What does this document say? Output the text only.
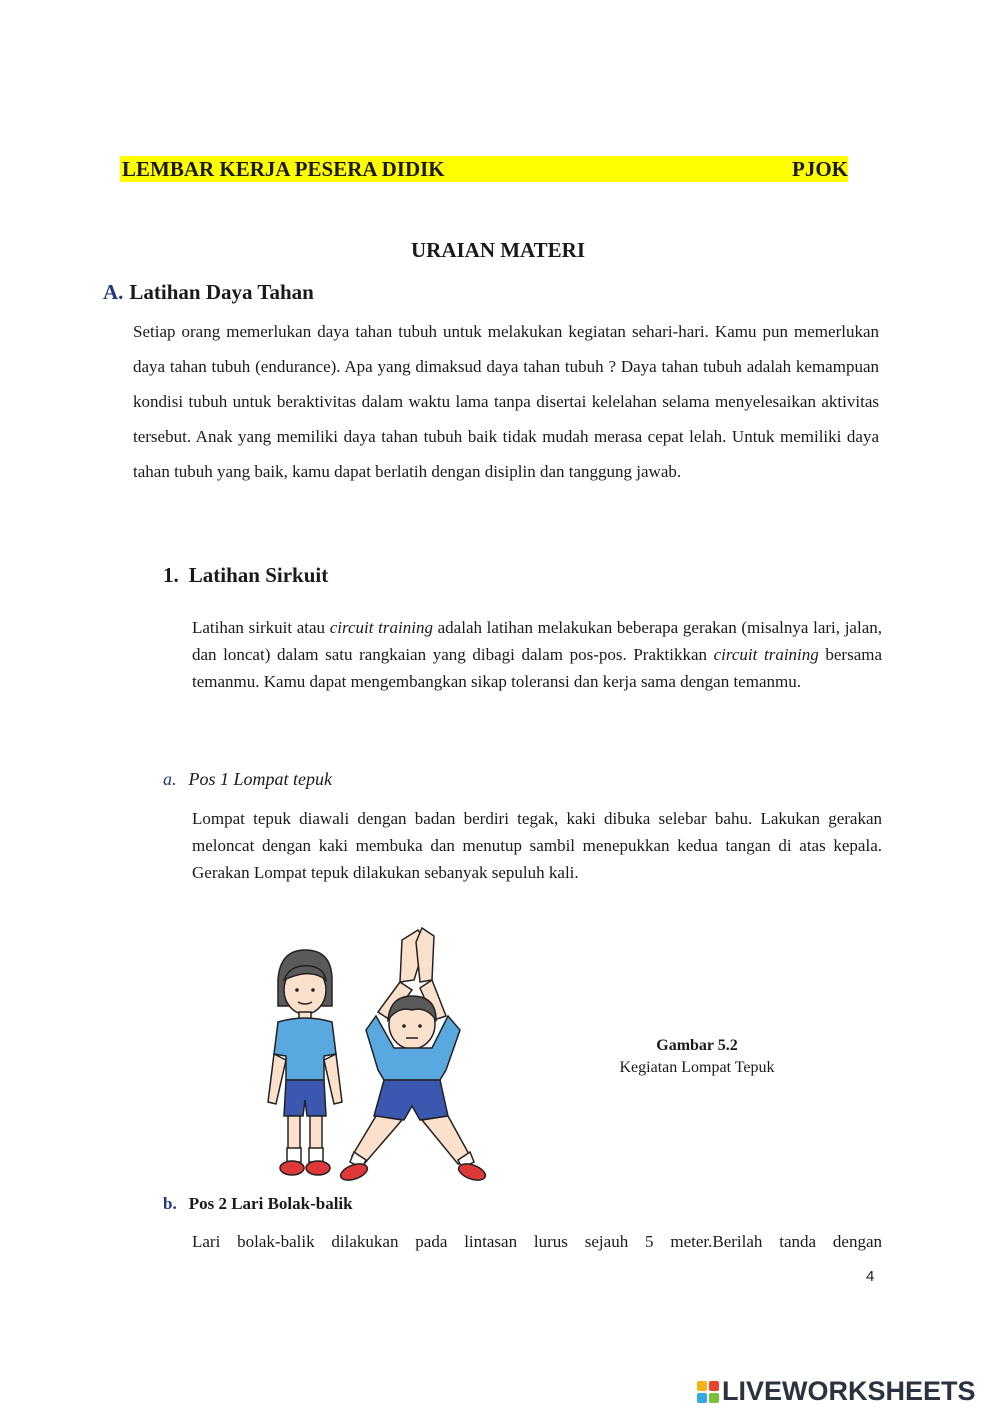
LEMBAR KERJA PESERA DIDIK	PJOK
URAIAN MATERI
A. Latihan Daya Tahan

Setiap orang memerlukan daya tahan tubuh untuk melakukan kegiatan sehari-hari. Kamu pun memerlukan daya tahan tubuh (endurance). Apa yang dimaksud daya tahan tubuh ? Daya tahan tubuh adalah kemampuan kondisi tubuh untuk beraktivitas dalam waktu lama tanpa disertai kelelahan selama menyelesaikan aktivitas tersebut. Anak yang memiliki daya tahan tubuh baik tidak mudah merasa cepat lelah. Untuk memiliki daya tahan tubuh yang baik, kamu dapat berlatih dengan disiplin dan tanggung jawab.

1. Latihan Sirkuit

Latihan sirkuit atau circuit training adalah latihan melakukan beberapa gerakan (misalnya lari, jalan, dan loncat) dalam satu rangkaian yang dibagi dalam pos-pos. Praktikkan circuit training bersama temanmu. Kamu dapat mengembangkan sikap toleransi dan kerja sama dengan temanmu.

a. Pos 1 Lompat tepuk

Lompat tepuk diawali dengan badan berdiri tegak, kaki dibuka selebar bahu. Lakukan gerakan meloncat dengan kaki membuka dan menutup sambil menepukkan kedua tangan di atas kepala. Gerakan Lompat tepuk dilakukan sebanyak sepuluh kali.

Gambar 5.2
Kegiatan Lompat Tepuk
b. Pos 2 Lari Bolak-balik

Lari bolak-balik dilakukan pada lintasan lurus sejauh 5 meter.Berilah tanda dengan

4
LIVEWORKSHEETS
